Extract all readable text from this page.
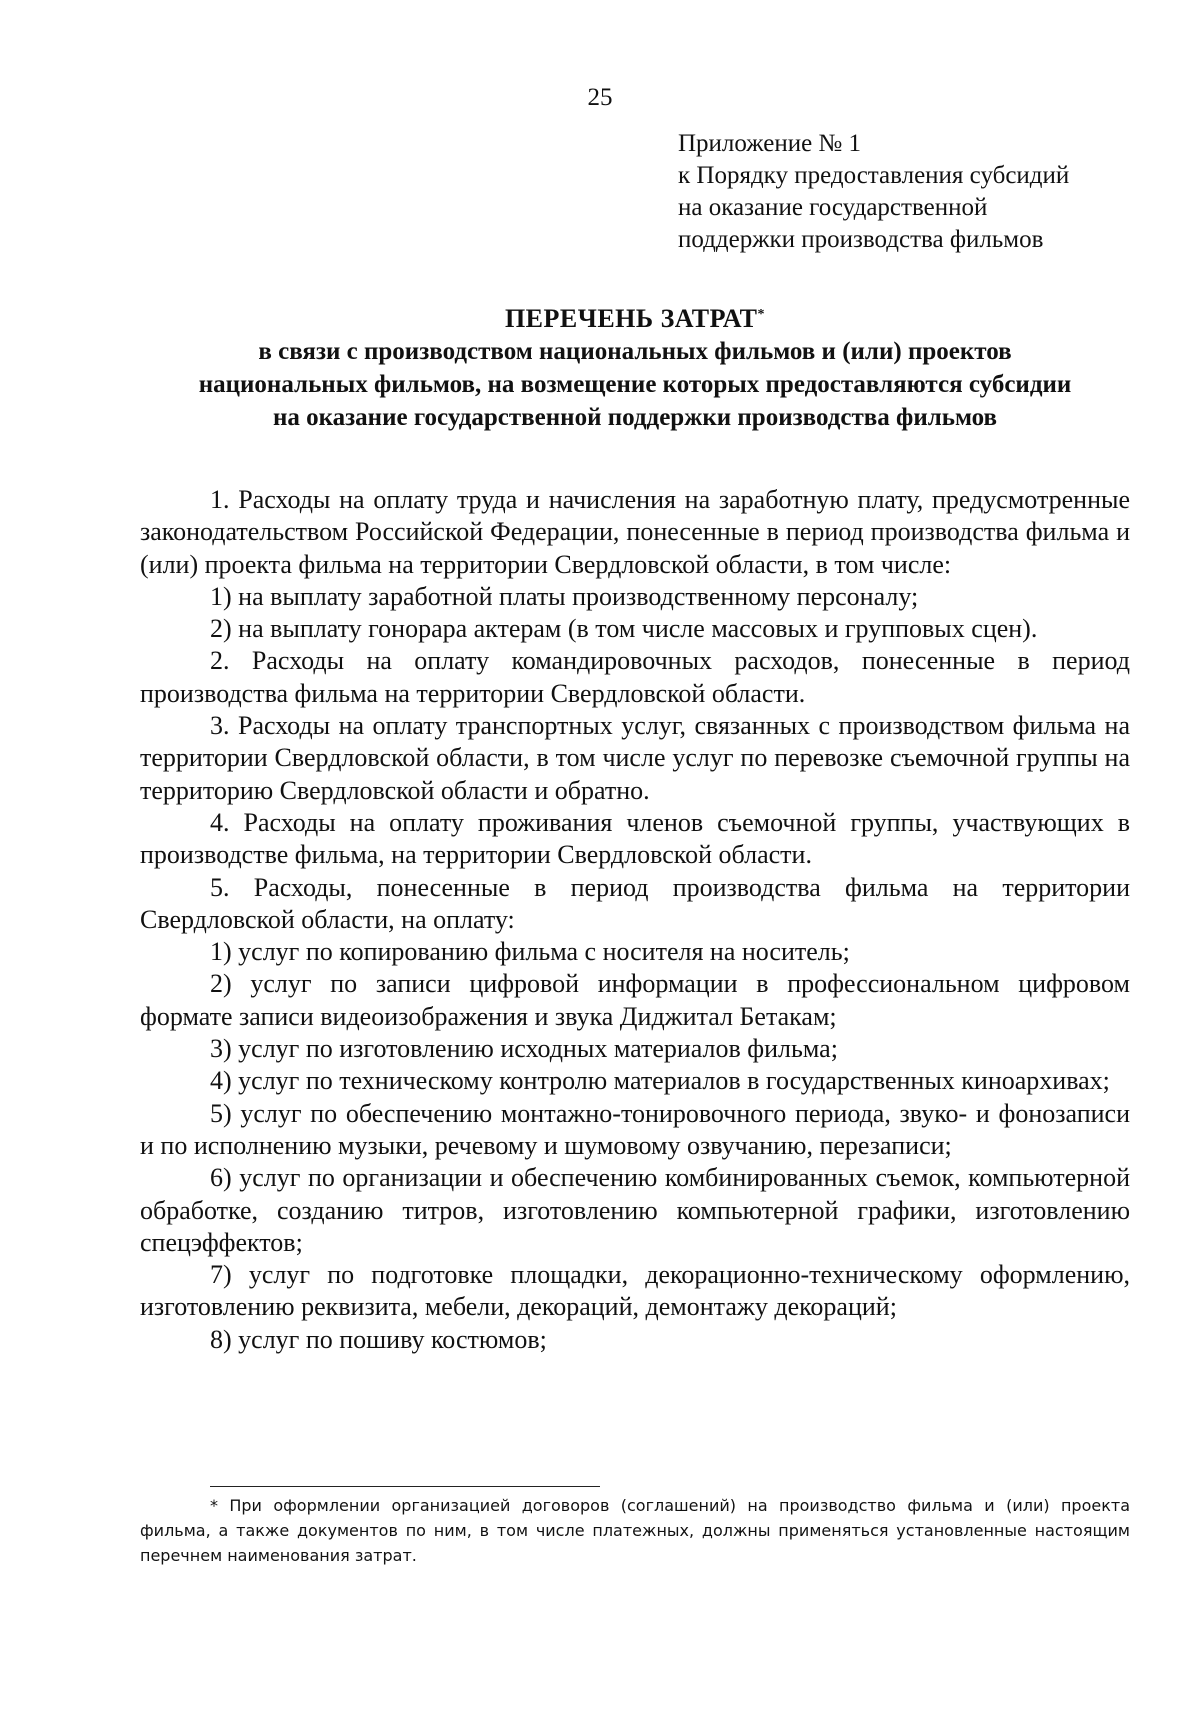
25
Приложение № 1
к Порядку предоставления субсидий
на оказание государственной
поддержки производства фильмов
ПЕРЕЧЕНЬ ЗАТРАТ*
в связи с производством национальных фильмов и (или) проектов
национальных фильмов, на возмещение которых предоставляются субсидии
на оказание государственной поддержки производства фильмов

1. Расходы на оплату труда и начисления на заработную плату, предусмотренные законодательством Российской Федерации, понесенные в период производства фильма и (или) проекта фильма на территории Свердловской области, в том числе:

1) на выплату заработной платы производственному персоналу;

2) на выплату гонорара актерам (в том числе массовых и групповых сцен).

2. Расходы на оплату командировочных расходов, понесенные в период производства фильма на территории Свердловской области.

3. Расходы на оплату транспортных услуг, связанных с производством фильма на территории Свердловской области, в том числе услуг по перевозке съемочной группы на территорию Свердловской области и обратно.

4. Расходы на оплату проживания членов съемочной группы, участвующих в производстве фильма, на территории Свердловской области.

5. Расходы, понесенные в период производства фильма на территории Свердловской области, на оплату:

1) услуг по копированию фильма с носителя на носитель;

2) услуг по записи цифровой информации в профессиональном цифровом формате записи видеоизображения и звука Диджитал Бетакам;

3) услуг по изготовлению исходных материалов фильма;

4) услуг по техническому контролю материалов в государственных киноархивах;

5) услуг по обеспечению монтажно-тонировочного периода, звуко- и фонозаписи и по исполнению музыки, речевому и шумовому озвучанию, перезаписи;

6) услуг по организации и обеспечению комбинированных съемок, компьютерной обработке, созданию титров, изготовлению компьютерной графики, изготовлению спецэффектов;

7) услуг по подготовке площадки, декорационно-техническому оформлению, изготовлению реквизита, мебели, декораций, демонтажу декораций;

8) услуг по пошиву костюмов;

* При оформлении организацией договоров (соглашений) на производство фильма и (или) проекта фильма, а также документов по ним, в том числе платежных, должны применяться установленные настоящим перечнем наименования затрат.
